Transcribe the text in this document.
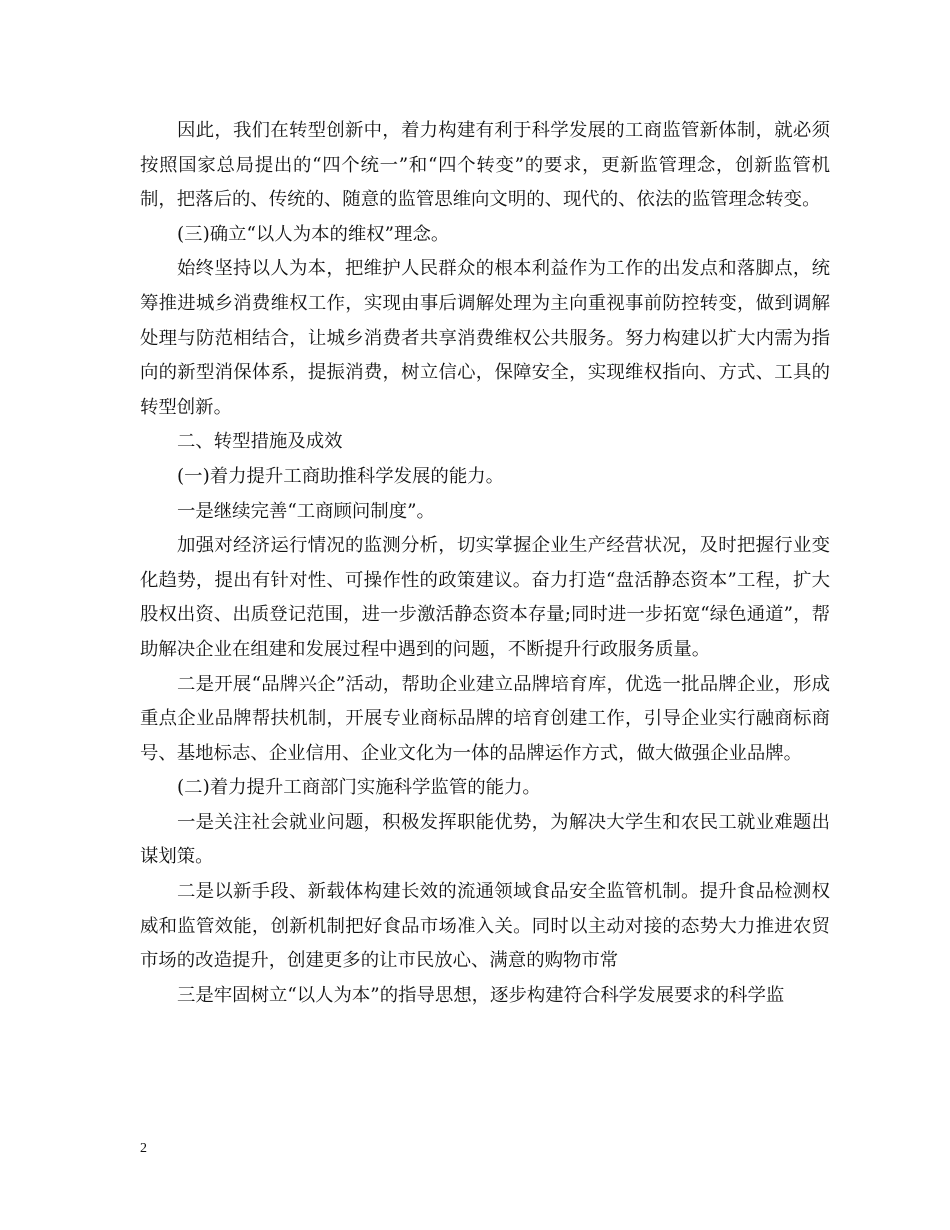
因此，我们在转型创新中，着力构建有利于科学发展的工商监管新体制，就必须按照国家总局提出的“四个统一”和“四个转变”的要求，更新监管理念，创新监管机制，把落后的、传统的、随意的监管思维向文明的、现代的、依法的监管理念转变。

(三)确立“以人为本的维权”理念。

始终坚持以人为本，把维护人民群众的根本利益作为工作的出发点和落脚点，统筹推进城乡消费维权工作，实现由事后调解处理为主向重视事前防控转变，做到调解处理与防范相结合，让城乡消费者共享消费维权公共服务。努力构建以扩大内需为指向的新型消保体系，提振消费，树立信心，保障安全，实现维权指向、方式、工具的转型创新。

二、转型措施及成效

(一)着力提升工商助推科学发展的能力。

一是继续完善“工商顾问制度”。

加强对经济运行情况的监测分析，切实掌握企业生产经营状况，及时把握行业变化趋势，提出有针对性、可操作性的政策建议。奋力打造“盘活静态资本”工程，扩大股权出资、出质登记范围，进一步激活静态资本存量;同时进一步拓宽“绿色通道”，帮助解决企业在组建和发展过程中遇到的问题，不断提升行政服务质量。

二是开展“品牌兴企”活动，帮助企业建立品牌培育库，优选一批品牌企业，形成重点企业品牌帮扶机制，开展专业商标品牌的培育创建工作，引导企业实行融商标商号、基地标志、企业信用、企业文化为一体的品牌运作方式，做大做强企业品牌。

(二)着力提升工商部门实施科学监管的能力。

一是关注社会就业问题，积极发挥职能优势，为解决大学生和农民工就业难题出谋划策。

二是以新手段、新载体构建长效的流通领域食品安全监管机制。提升食品检测权威和监管效能，创新机制把好食品市场准入关。同时以主动对接的态势大力推进农贸市场的改造提升，创建更多的让市民放心、满意的购物市常

三是牢固树立“以人为本”的指导思想，逐步构建符合科学发展要求的科学监

2
